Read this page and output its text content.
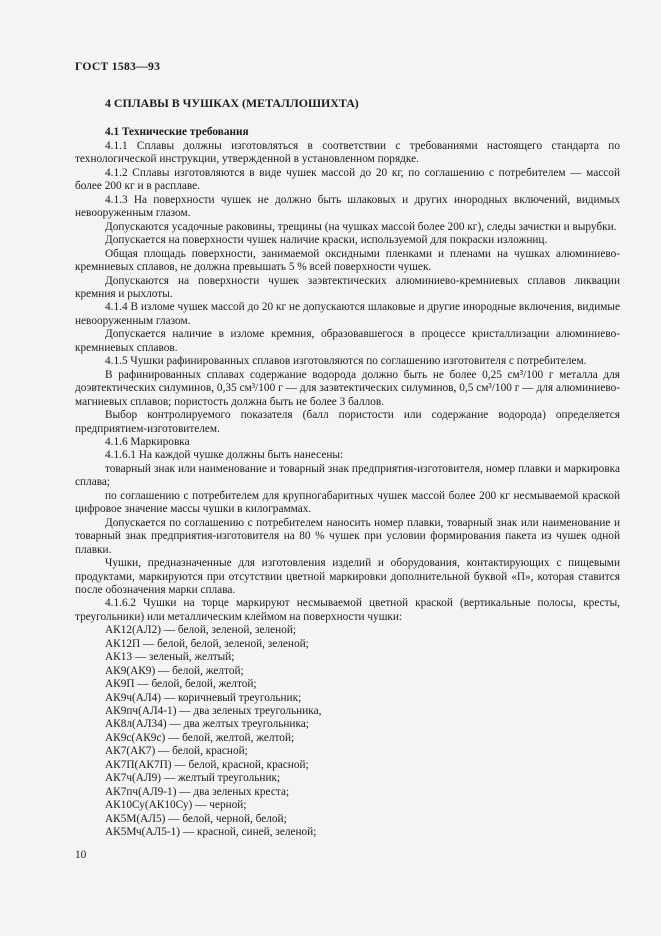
ГОСТ 1583—93
4 СПЛАВЫ В ЧУШКАХ (МЕТАЛЛОШИХТА)
4.1 Технические требования

4.1.1 Сплавы должны изготовляться в соответствии с требованиями настоящего стандарта по технологической инструкции, утвержденной в установленном порядке.

4.1.2 Сплавы изготовляются в виде чушек массой до 20 кг, по соглашению с потребителем — массой более 200 кг и в расплаве.

4.1.3 На поверхности чушек не должно быть шлаковых и других инородных включений, видимых невооруженным глазом.

Допускаются усадочные раковины, трещины (на чушках массой более 200 кг), следы зачистки и вырубки.

Допускается на поверхности чушек наличие краски, используемой для покраски изложниц.

Общая площадь поверхности, занимаемой оксидными пленками и пленами на чушках алюминиево-кремниевых сплавов, не должна превышать 5 % всей поверхности чушек.

Допускаются на поверхности чушек заэвтектических алюминиево-кремниевых сплавов ликвации кремния и рыхлоты.

4.1.4 В изломе чушек массой до 20 кг не допускаются шлаковые и другие инородные включения, видимые невооруженным глазом.

Допускается наличие в изломе кремния, образовавшегося в процессе кристаллизации алюминиево-кремниевых сплавов.

4.1.5 Чушки рафинированных сплавов изготовляются по соглашению изготовителя с потребителем.

В рафинированных сплавах содержание водорода должно быть не более 0,25 см³/100 г металла для доэвтектических силуминов, 0,35 см³/100 г — для заэвтектических силуминов, 0,5 см³/100 г — для алюминиево-магниевых сплавов; пористость должна быть не более 3 баллов.

Выбор контролируемого показателя (балл пористости или содержание водорода) определяется предприятием-изготовителем.

4.1.6 Маркировка

4.1.6.1 На каждой чушке должны быть нанесены:

товарный знак или наименование и товарный знак предприятия-изготовителя, номер плавки и маркировка сплава;

по соглашению с потребителем для крупногабаритных чушек массой более 200 кг несмываемой краской цифровое значение массы чушки в килограммах.

Допускается по соглашению с потребителем наносить номер плавки, товарный знак или наименование и товарный знак предприятия-изготовителя на 80 % чушек при условии формирования пакета из чушек одной плавки.

Чушки, предназначенные для изготовления изделий и оборудования, контактирующих с пищевыми продуктами, маркируются при отсутствии цветной маркировки дополнительной буквой «П», которая ставится после обозначения марки сплава.

4.1.6.2 Чушки на торце маркируют несмываемой цветной краской (вертикальные полосы, кресты, треугольники) или металлическим клеймом на поверхности чушки:

АК12(АЛ2) — белой, зеленой, зеленой;

АК12П — белой, белой, зеленой, зеленой;

АК13 — зеленый, желтый;

АК9(АК9) — белой, желтой;

АК9П — белой, белой, желтой;

АК9ч(АЛ4) — коричневый треугольник;

АК9пч(АЛ4-1) — два зеленых треугольника,

АК8л(АЛ34) — два желтых треугольника;

АК9с(АК9с) — белой, желтой, желтой;

АК7(АК7) — белой, красной;

АК7П(АК7П) — белой, красной, красной;

АК7ч(АЛ9) — желтый треугольник;

АК7пч(АЛ9-1) — два зеленых креста;

АК10Су(АК10Су) — черной;

АК5М(АЛ5) — белой, черной, белой;

АК5Мч(АЛ5-1) — красной, синей, зеленой;

10
